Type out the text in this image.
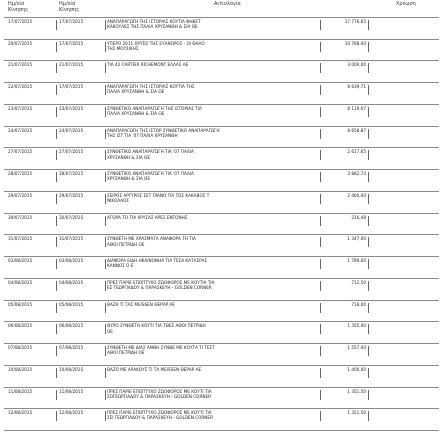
Ημ/νία
Κίνησης
Ημ/νία
Κίνησης
Αιτιολογία	Χρέωση
17/07/2015	17/07/2015	ΑΝΑΠΑΡΑΓΩΓΗ ΤΗΣ ΙΣΤΟΡΙΑΣ ΚΟΥΤΙΑ ΦΗΚΕΤ
ΚΑΚΟΥΛΕΣ ΤΗΣ ΠΑΛΙΑ ΧΡΥΣΑΝΘΗ & ΣΙΑ ΟΕ
17 776,65
20/07/2015	17/07/2015	ΥΠΕΡΟ 2011 ΧΡΥΣΟ ΤΗΣ ΕΥΑΝΟΡΟΣ - ΟΙ ΘΑΛΟ
ΤΗΣ ΜΟΥΣΙΚΗΣ
10 768,00
21/07/2015	21/07/2015	ΤΙΑ 42 CARTIER RICHEMONT ΕΛΛΑΣ ΑΕ	3 000,00
22/07/2015	17/07/2015	ΑΝΑΠΑΡΑΓΩΓΗ ΤΗΣ ΙΣΤΟΡΙΑΣ ΚΟΥΤΙΑ ΤΗΣ
ΠΑΛΙΑ ΧΡΥΣΑΝΘΗ & ΣΙΑ ΟΕ
8 639,71
23/07/2015	23/07/2015	ΣΥΝΘΕΤΙΚΟ ΑΝΑΠΑΡΑΓΩΓΗ ΤΗΣ ΙΣΤΟΡΙΑΣ ΤΙΑ
ΠΑΛΙΑ ΧΡΥΣΑΝΘΗ & ΣΙΑ ΟΕ
8 119,07
24/07/2015	24/07/2015	ΑΝΑΠΑΡΑΓΩΓΗ ΤΗΣ ΙΣΤΟΡ ΣΥΝΘΕΤΙΚΟ ΑΝΑΠΑΡΑΓΩΓΗ
ΤΗΣ ΙΣΤ ΤΙΑ '07 ΠΑΛΙΑ ΧΡΥΣΑΝΘΗ
8 658,87
27/07/2015	27/07/2015	ΣΥΝΘΕΤΙΚΟ ΑΝΑΠΑΡΑΓΩΓΗ ΤΙΑ '07 ΠΑΛΙΑ
ΧΡΥΣΑΝΘΗ & ΣΙΑ ΟΕ
2 617,65
28/07/2015	28/07/2015	ΣΥΝΘΕΤΙΚΟ ΑΝΑΠΑΡΑΓΩΓΗ ΤΙΑ '07 ΠΑΛΙΑ
ΧΡΥΣΑΝΘΗ & ΣΙΑ ΟΕ
3 882,73
29/07/2015	29/07/2015	ΣΕΙΡΟΣ ΑΡΓΥΡΟΣ ΣΕΤ ΠΙΑΝΟ ΤΙΑ ΤΟΣ ΚΑΚΑΒΟΣ Τ
ΝΙΚΟΛΑΟΣ
2 460,00
30/07/2015	30/07/2015	ΑΓΟΡΑ ΤΟ ΤΙΑ ΧΡΥΣΑΣ ΑΡΕΣ ΕΝΤΟΝΗΣ	216,48
31/07/2015	31/07/2015	ΣΥΝΘΕΤΗ ΜΕ ΧΡΑΣΜΑΤΑ ΑΝΑΦΟΡΑ ΤΗ ΤΙΑ
ΑΘΟΙ ΠΕΤΡΙΔΗ ΟΕ
1 347,00
03/08/2015	03/08/2015	ΔΙΑΦΟΡΑ ΕΙΔΗ ΗΚΑΙΝΟΝΗΑ ΤΙΑ ΤΕΣΑ ΚΑΤΑΣΡΑΣ
ΚΑΝΝΟΣ Ο Ε
1 789,00
04/08/2015	04/08/2015	ΠΡΕΣ ΠΑΡΙΕ ΕΠΟΠΤΥΧΟ ΖΩΟΦΟΡΟΣ ΜΕ ΚΟΥΤΙΑ ΤΙΑ
ΕΣ ΓΕΩΡΓΙΑΔΟΥ & ΠΑΡΑΣΚΕΥΗ - GOLDEN CORNER
712,50
05/08/2015	05/08/2015	ΒΑΖΑ ΤΙ ΤΑΣ MEISSEN ΘΕΡΑΡ ΑΕ	718,00
06/08/2015	06/08/2015	ΘΥΡΟ ΣΥΝΘΕΤΗ ΚΟΥΤΙ ΤΙΑ ΤΘΕΣ ΑΘΟΙ ΠΕΤΡΙΔΗ
ΟΕ
1 355,00
07/08/2015	07/08/2015	ΣΥΝΘΕΤΗ ΜΕ ΔΙΑΣ ΑΝΘΗ ΣΥΝΘΕ ΜΕ ΚΟΥΤΑ ΤΙ ΤΕΣΤ
ΑΘΟΙ ΠΕΤΡΙΔΗ ΟΕ
1 557,00
10/08/2015	10/08/2015	ΒΑΖΟ ΜΕ ΑΡΑΚΟΥΣ ΤΙ ΤΑ ΜΕΙSSEN ΘΕΡΑΡ ΑΕ	1 400,00
11/08/2015	11/08/2015	ΠΡΕΣ ΠΑΡΙΕ ΕΠΟΠΤΥΧΟ ΖΩΟΦΟΡΟΣ ΜΕ ΚΟΥΤΙ ΤΙΑ
ΣΟΓΕΩΡΓΙΑΔΟΥ & ΠΑΡΑΣΚΕΥΗ - GOLDEN CORNER
1 351,50
12/08/2015	12/08/2015	ΠΡΕΣ ΠΑΡΙΕ ΕΠΟΠΤΥΧΟ ΖΩΟΦΟΡΟΣ ΜΕ ΚΟΥΤΙ ΤΙΑ
ΣΣΙ ΓΕΩΡΓΙΑΔΟΥ & ΠΑΡΑΣΚΕΥΗ - GOLDEN CORNER
1 351,50
